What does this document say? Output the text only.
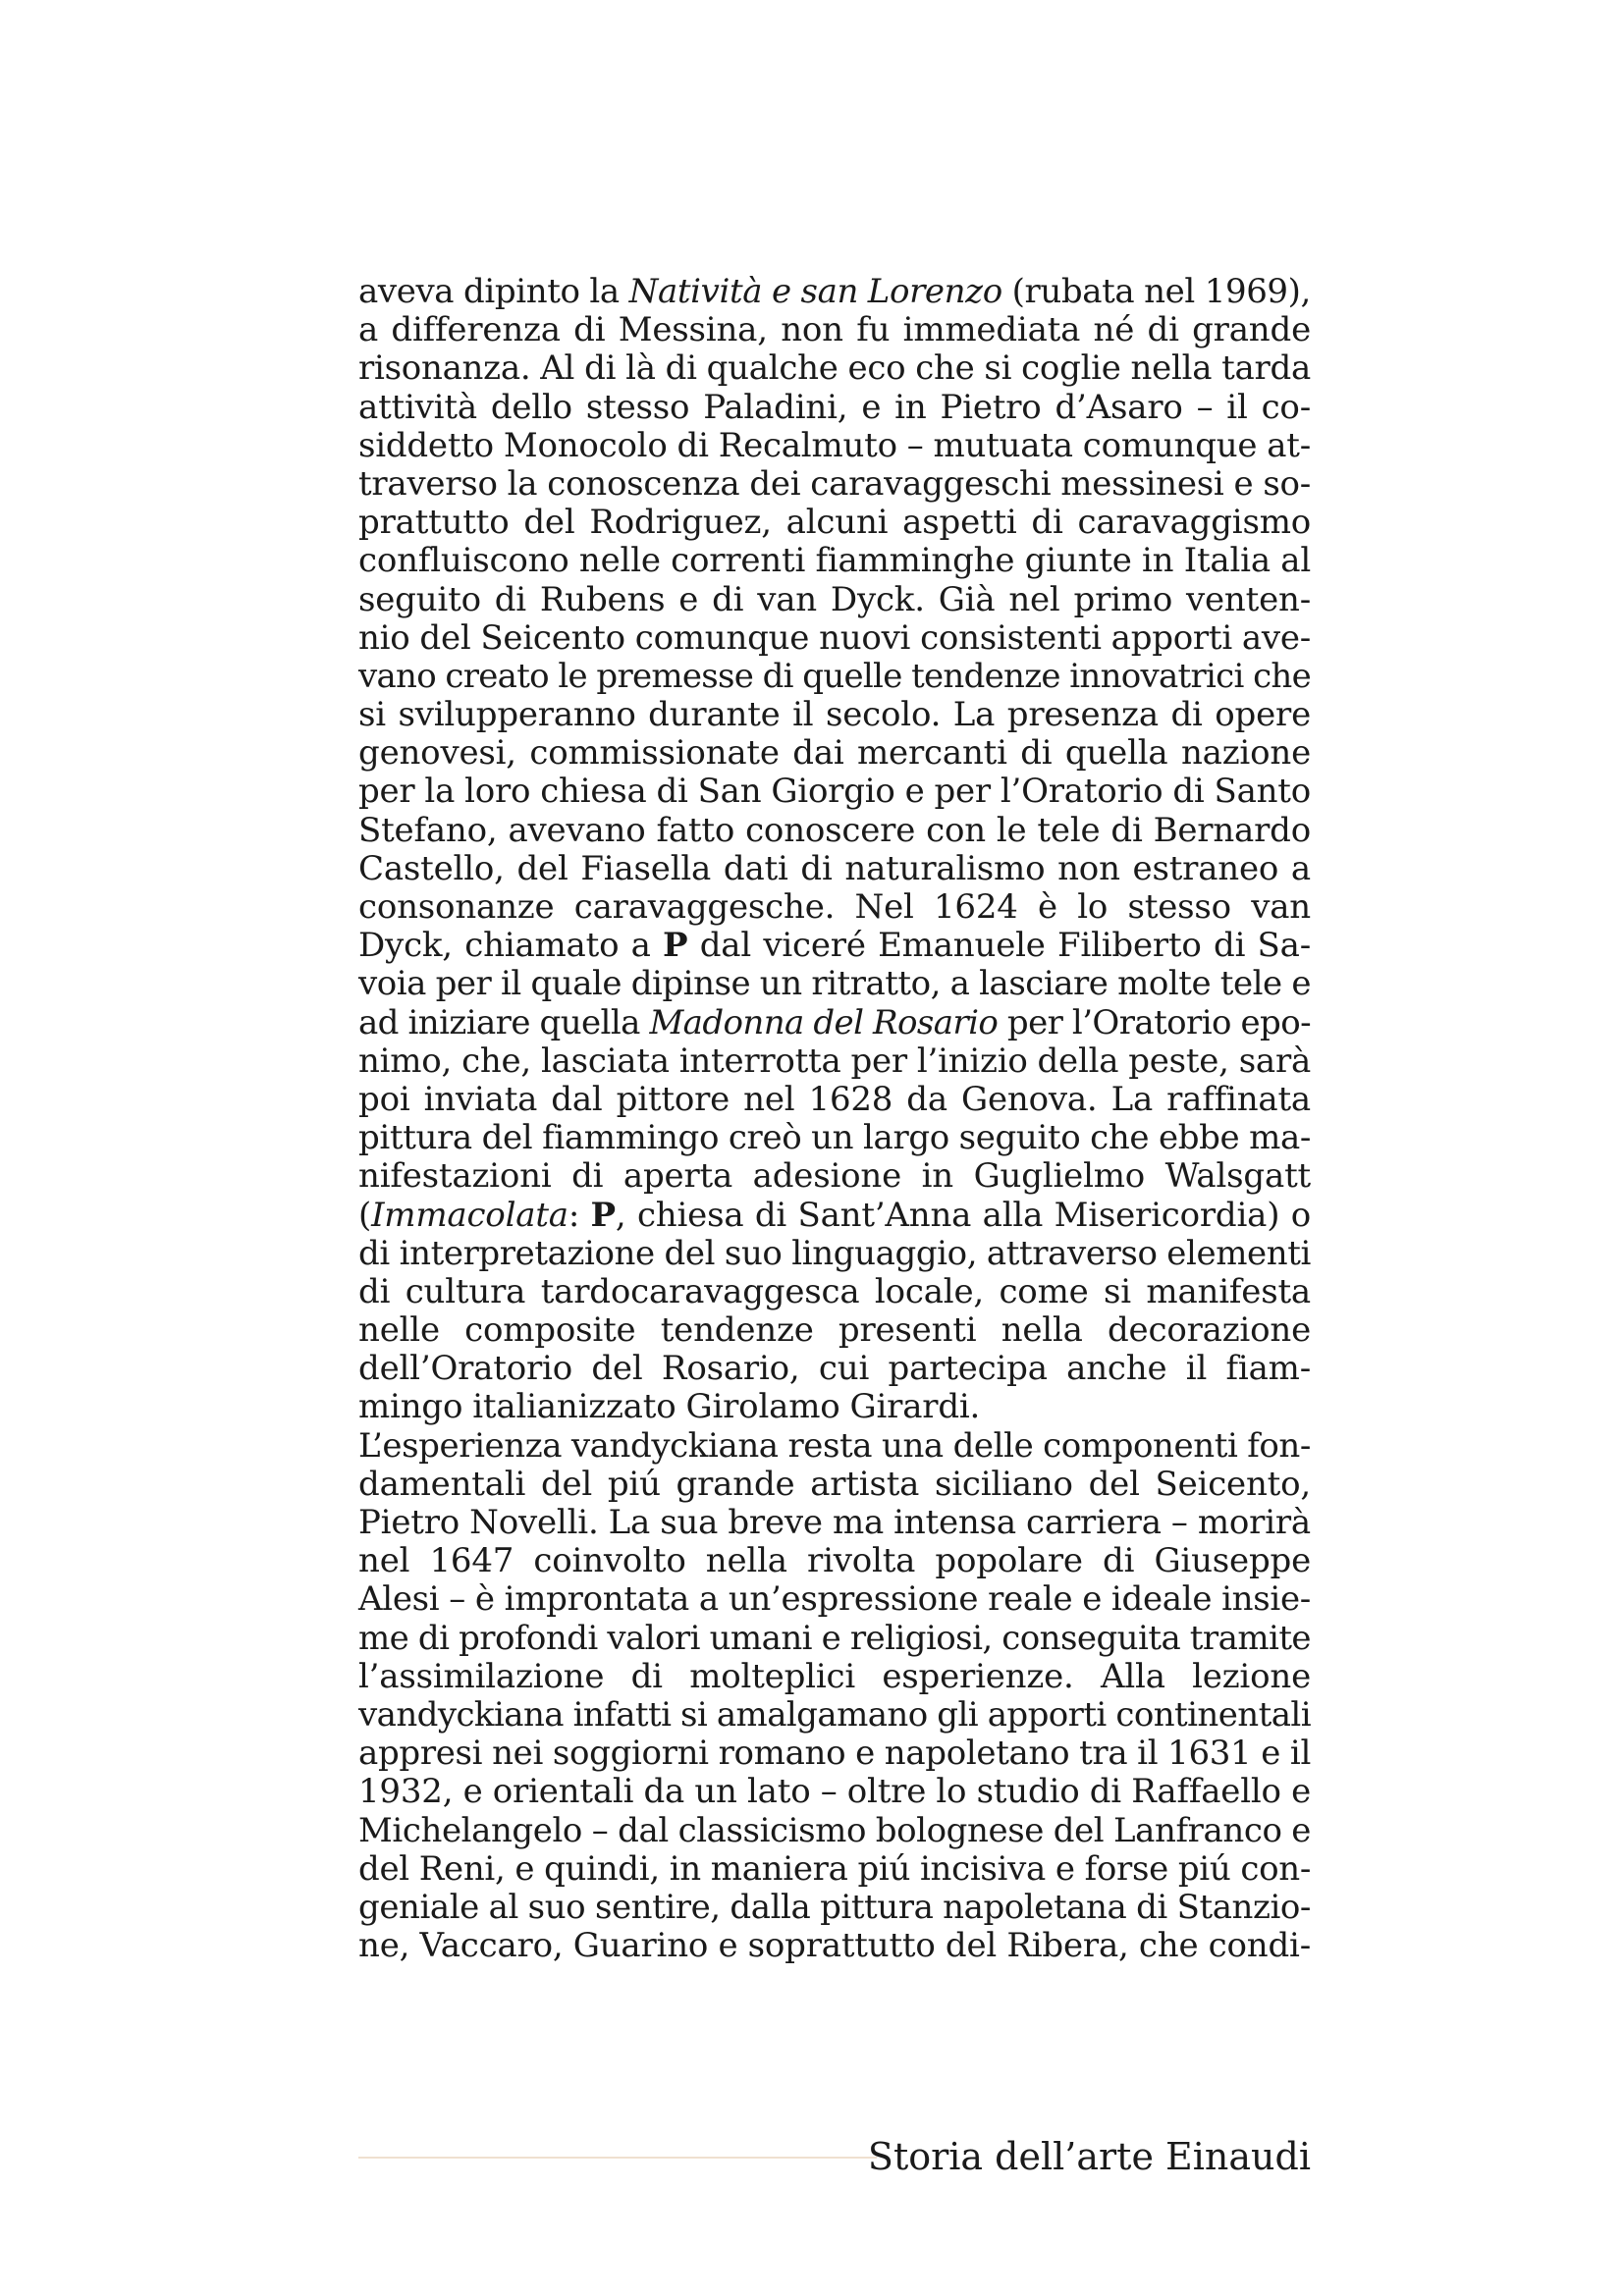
aveva dipinto la Natività e san Lorenzo (rubata nel 1969),
a differenza di Messina, non fu immediata né di grande
risonanza. Al di là di qualche eco che si coglie nella tarda
attività dello stesso Paladini, e in Pietro d’Asaro – il co-
siddetto Monocolo di Recalmuto – mutuata comunque at-
traverso la conoscenza dei caravaggeschi messinesi e so-
prattutto del Rodriguez, alcuni aspetti di caravaggismo
confluiscono nelle correnti fiamminghe giunte in Italia al
seguito di Rubens e di van Dyck. Già nel primo venten-
nio del Seicento comunque nuovi consistenti apporti ave-
vano creato le premesse di quelle tendenze innovatrici che
si svilupperanno durante il secolo. La presenza di opere
genovesi, commissionate dai mercanti di quella nazione
per la loro chiesa di San Giorgio e per l’Oratorio di Santo
Stefano, avevano fatto conoscere con le tele di Bernardo
Castello, del Fiasella dati di naturalismo non estraneo a
consonanze caravaggesche. Nel 1624 è lo stesso van
Dyck, chiamato a P dal viceré Emanuele Filiberto di Sa-
voia per il quale dipinse un ritratto, a lasciare molte tele e
ad iniziare quella Madonna del Rosario per l’Oratorio epo-
nimo, che, lasciata interrotta per l’inizio della peste, sarà
poi inviata dal pittore nel 1628 da Genova. La raffinata
pittura del fiammingo creò un largo seguito che ebbe ma-
nifestazioni di aperta adesione in Guglielmo Walsgatt
(Immacolata: P, chiesa di Sant’Anna alla Misericordia) o
di interpretazione del suo linguaggio, attraverso elementi
di cultura tardocaravaggesca locale, come si manifesta
nelle composite tendenze presenti nella decorazione
dell’Oratorio del Rosario, cui partecipa anche il fiam-
mingo italianizzato Girolamo Girardi.
L’esperienza vandyckiana resta una delle componenti fon-
damentali del piú grande artista siciliano del Seicento,
Pietro Novelli. La sua breve ma intensa carriera – morirà
nel 1647 coinvolto nella rivolta popolare di Giuseppe
Alesi – è improntata a un’espressione reale e ideale insie-
me di profondi valori umani e religiosi, conseguita tramite
l’assimilazione di molteplici esperienze. Alla lezione
vandyckiana infatti si amalgamano gli apporti continentali
appresi nei soggiorni romano e napoletano tra il 1631 e il
1932, e orientali da un lato – oltre lo studio di Raffaello e
Michelangelo – dal classicismo bolognese del Lanfranco e
del Reni, e quindi, in maniera piú incisiva e forse piú con-
geniale al suo sentire, dalla pittura napoletana di Stanzio-
ne, Vaccaro, Guarino e soprattutto del Ribera, che condi-
Storia dell’arte Einaudi
